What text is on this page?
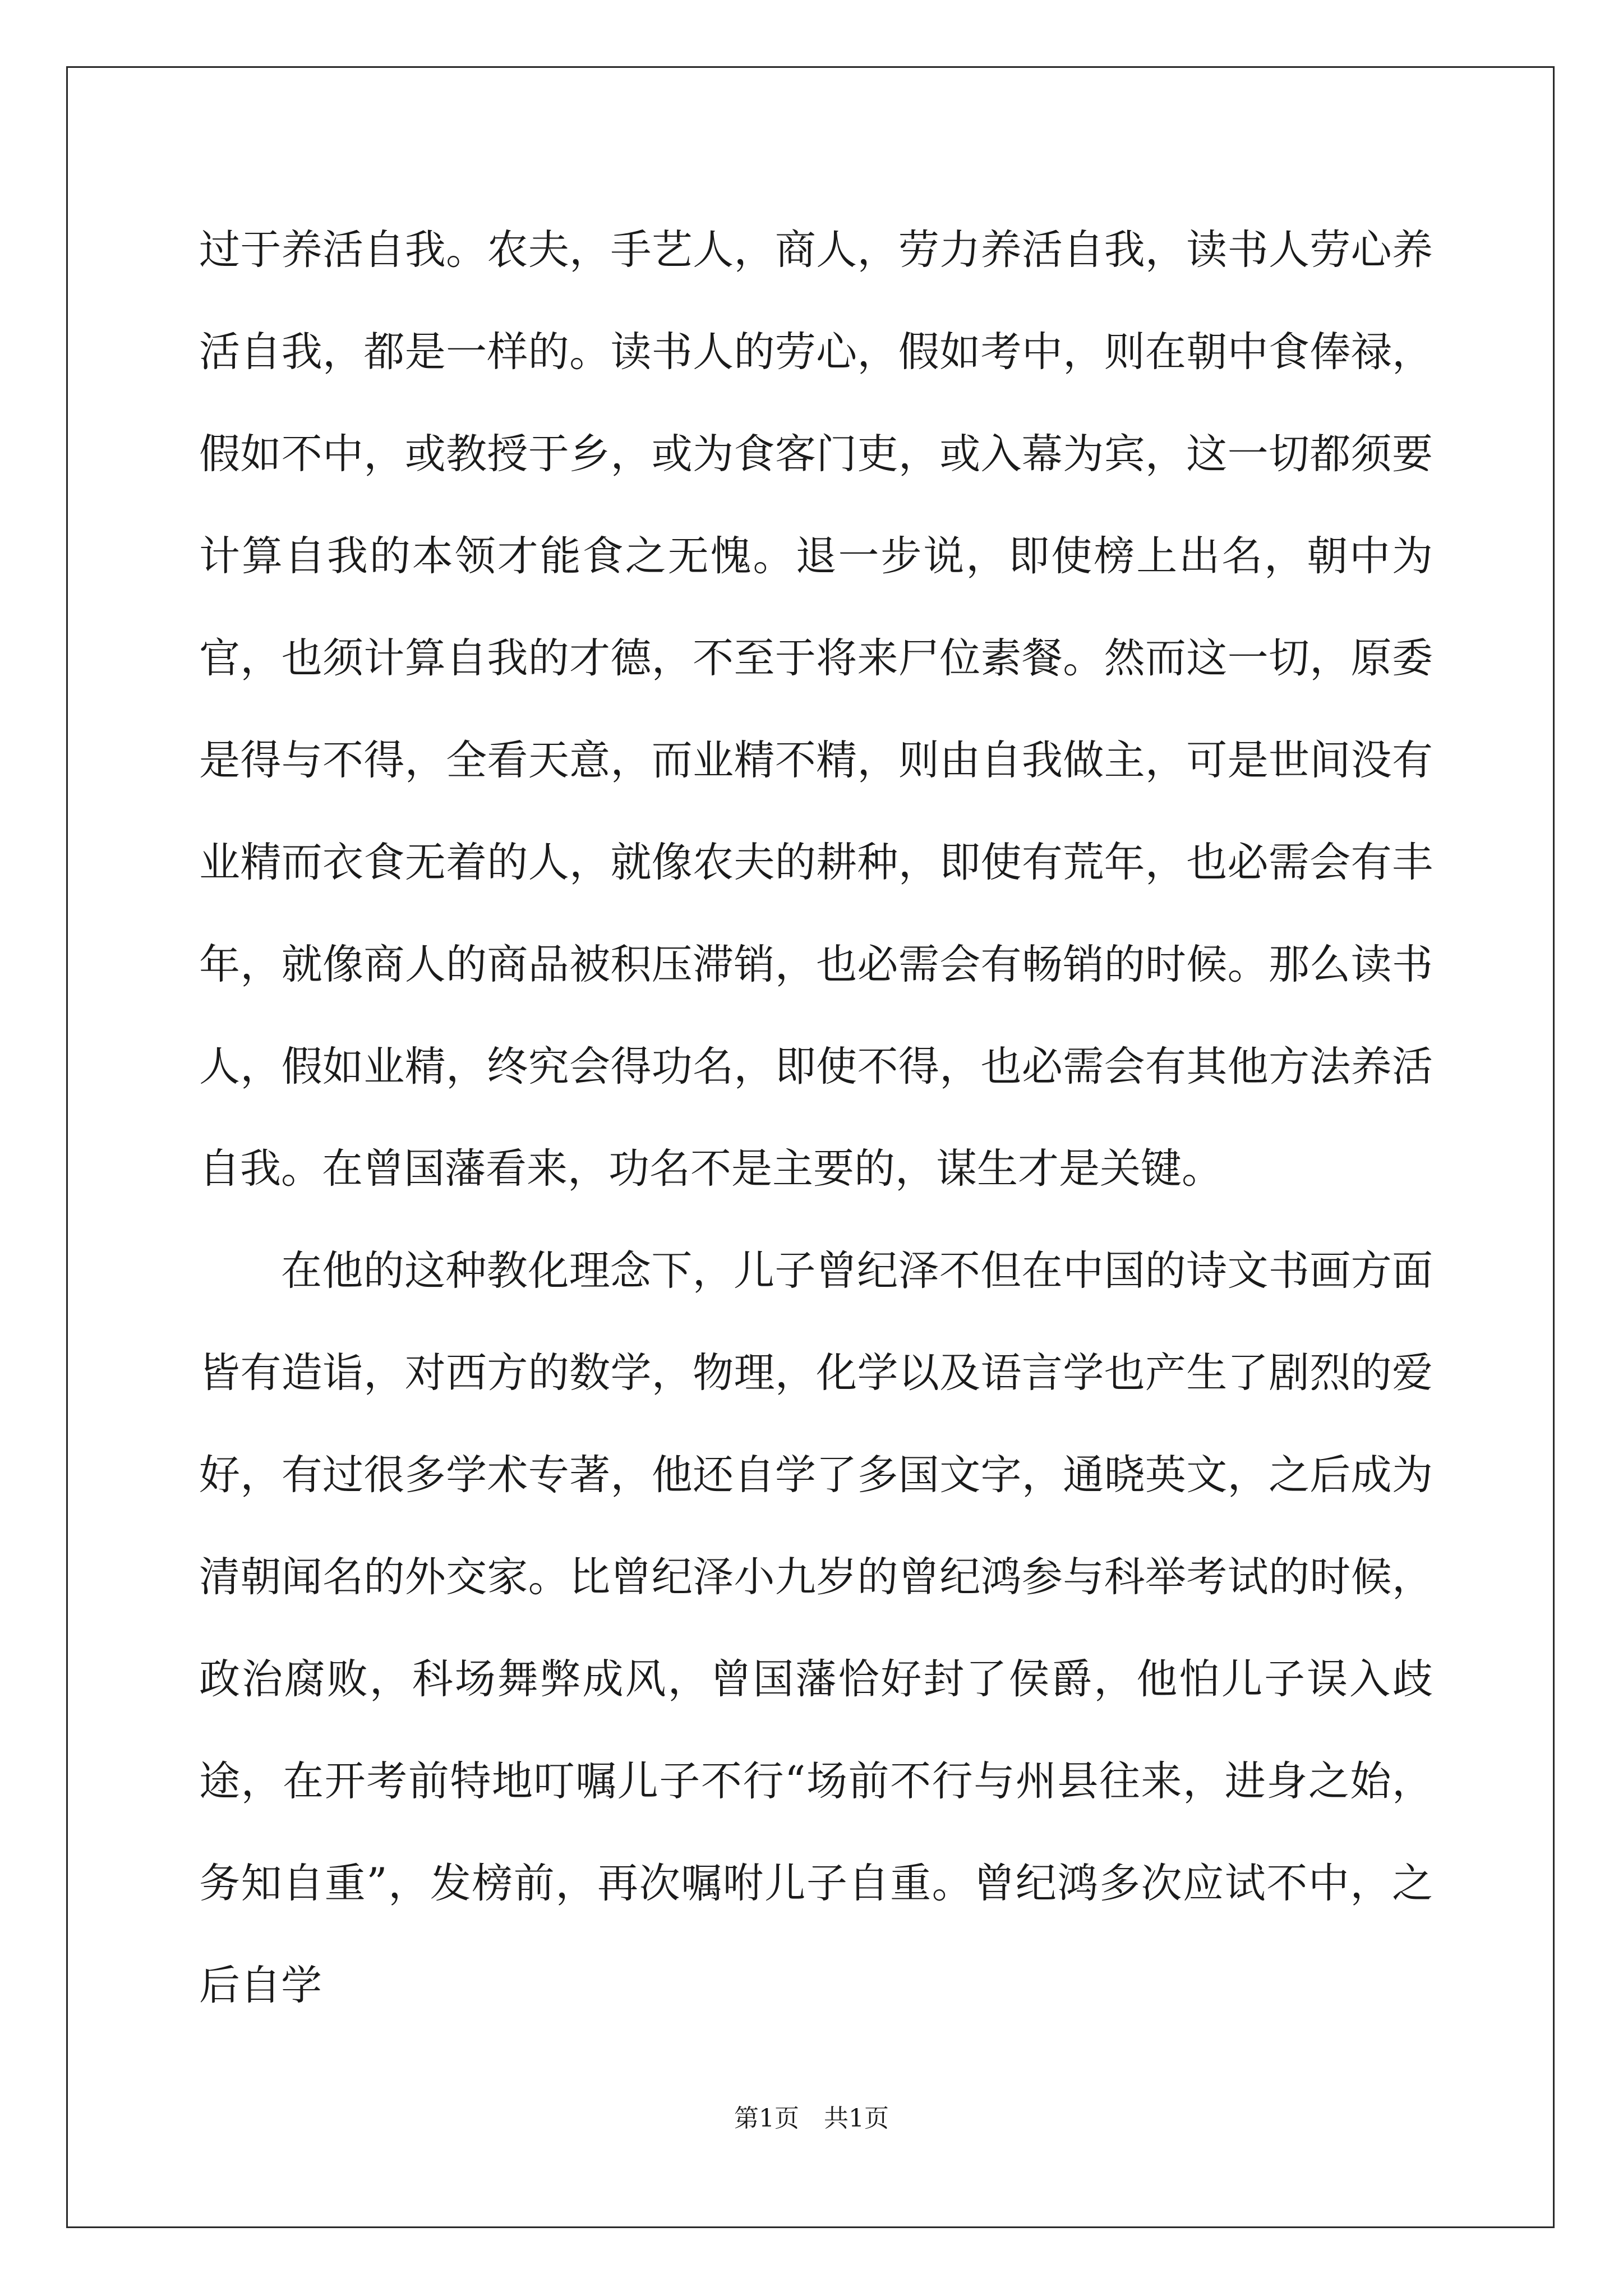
过于养活自我。农夫，手艺人，商人，劳力养活自我，读书人劳心养活自我，都是一样的。读书人的劳心，假如考中，则在朝中食俸禄，假如不中，或教授于乡，或为食客门吏，或入幕为宾，这一切都须要计算自我的本领才能食之无愧。退一步说，即使榜上出名，朝中为官，也须计算自我的才德，不至于将来尸位素餐。然而这一切，原委是得与不得，全看天意，而业精不精，则由自我做主，可是世间没有业精而衣食无着的人，就像农夫的耕种，即使有荒年，也必需会有丰年，就像商人的商品被积压滞销，也必需会有畅销的时候。那么读书人，假如业精，终究会得功名，即使不得，也必需会有其他方法养活自我。在曾国藩看来，功名不是主要的，谋生才是关键。

在他的这种教化理念下，儿子曾纪泽不但在中国的诗文书画方面皆有造诣，对西方的数学，物理，化学以及语言学也产生了剧烈的爱好，有过很多学术专著，他还自学了多国文字，通晓英文，之后成为清朝闻名的外交家。比曾纪泽小九岁的曾纪鸿参与科举考试的时候，政治腐败，科场舞弊成风，曾国藩恰好封了侯爵，他怕儿子误入歧途，在开考前特地叮嘱儿子不行“场前不行与州县往来，进身之始，务知自重”，发榜前，再次嘱咐儿子自重。曾纪鸿多次应试不中，之后自学

第1页　共1页
